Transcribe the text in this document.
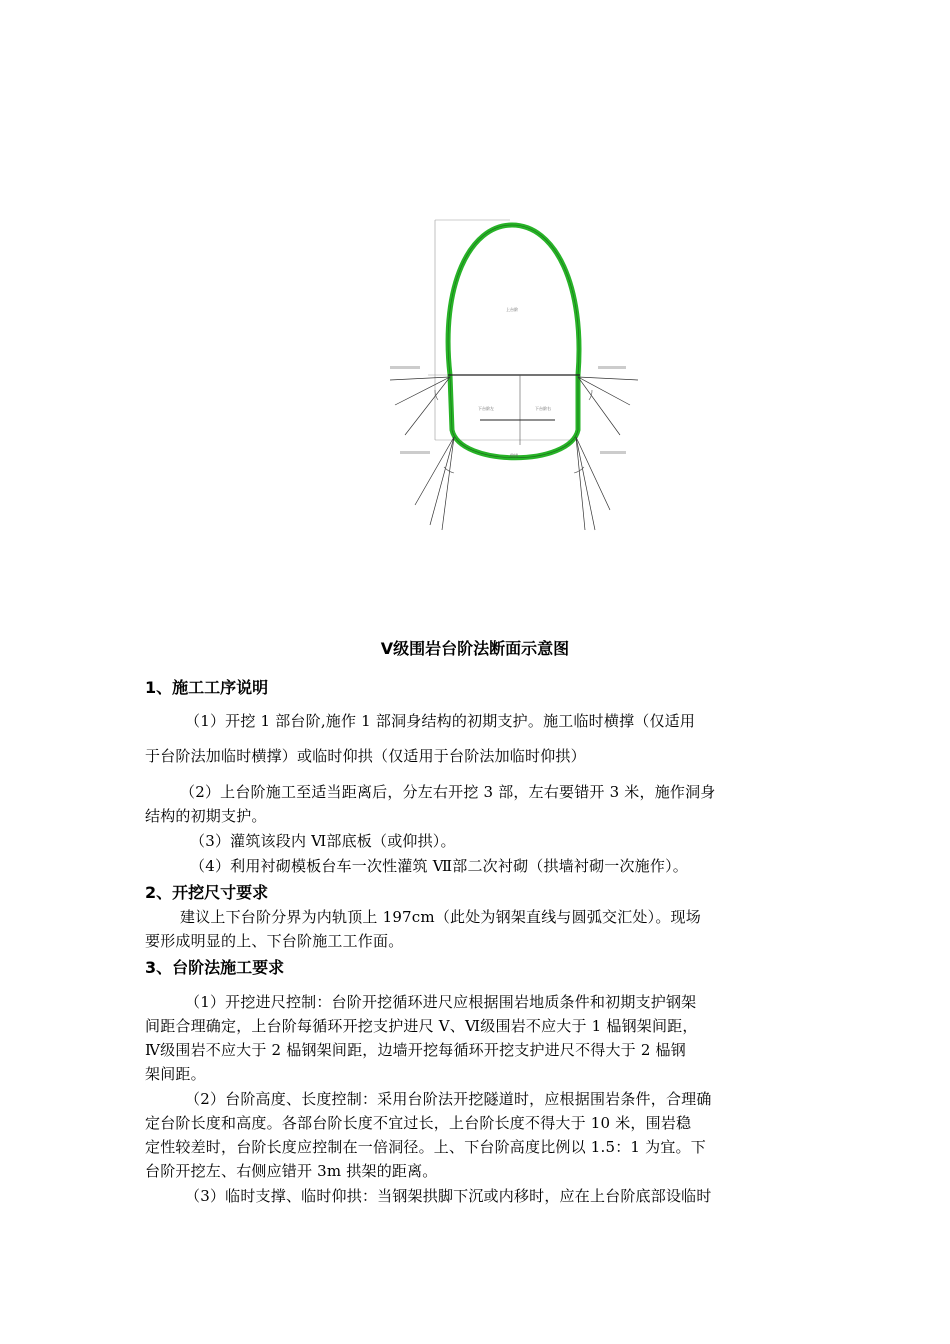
上台阶
下台阶左	下台阶右
仰拱
Ⅴ级围岩台阶法断面示意图
1、施工工序说明
（1）开挖 1 部台阶,施作 1 部洞身结构的初期支护。施工临时横撑（仅适用
于台阶法加临时横撑）或临时仰拱（仅适用于台阶法加临时仰拱）
（2）上台阶施工至适当距离后，分左右开挖 3 部，左右要错开 3 米，施作洞身
结构的初期支护。
（3）灌筑该段内 Ⅵ部底板（或仰拱）。
（4）利用衬砌模板台车一次性灌筑 Ⅶ部二次衬砌（拱墙衬砌一次施作）。
2、开挖尺寸要求
建议上下台阶分界为内轨顶上 197cm（此处为钢架直线与圆弧交汇处）。现场
要形成明显的上、下台阶施工工作面。
3、台阶法施工要求
（1）开挖进尺控制：台阶开挖循环进尺应根据围岩地质条件和初期支护钢架
间距合理确定，上台阶每循环开挖支护进尺 Ⅴ、Ⅵ级围岩不应大于 1 榀钢架间距，
Ⅳ级围岩不应大于 2 榀钢架间距，边墙开挖每循环开挖支护进尺不得大于 2 榀钢
架间距。
（2）台阶高度、长度控制：采用台阶法开挖隧道时，应根据围岩条件，合理确
定台阶长度和高度。各部台阶长度不宜过长，上台阶长度不得大于 10 米，围岩稳
定性较差时，台阶长度应控制在一倍洞径。上、下台阶高度比例以 1.5：1 为宜。下
台阶开挖左、右侧应错开 3m 拱架的距离。
（3）临时支撑、临时仰拱：当钢架拱脚下沉或内移时，应在上台阶底部设临时
